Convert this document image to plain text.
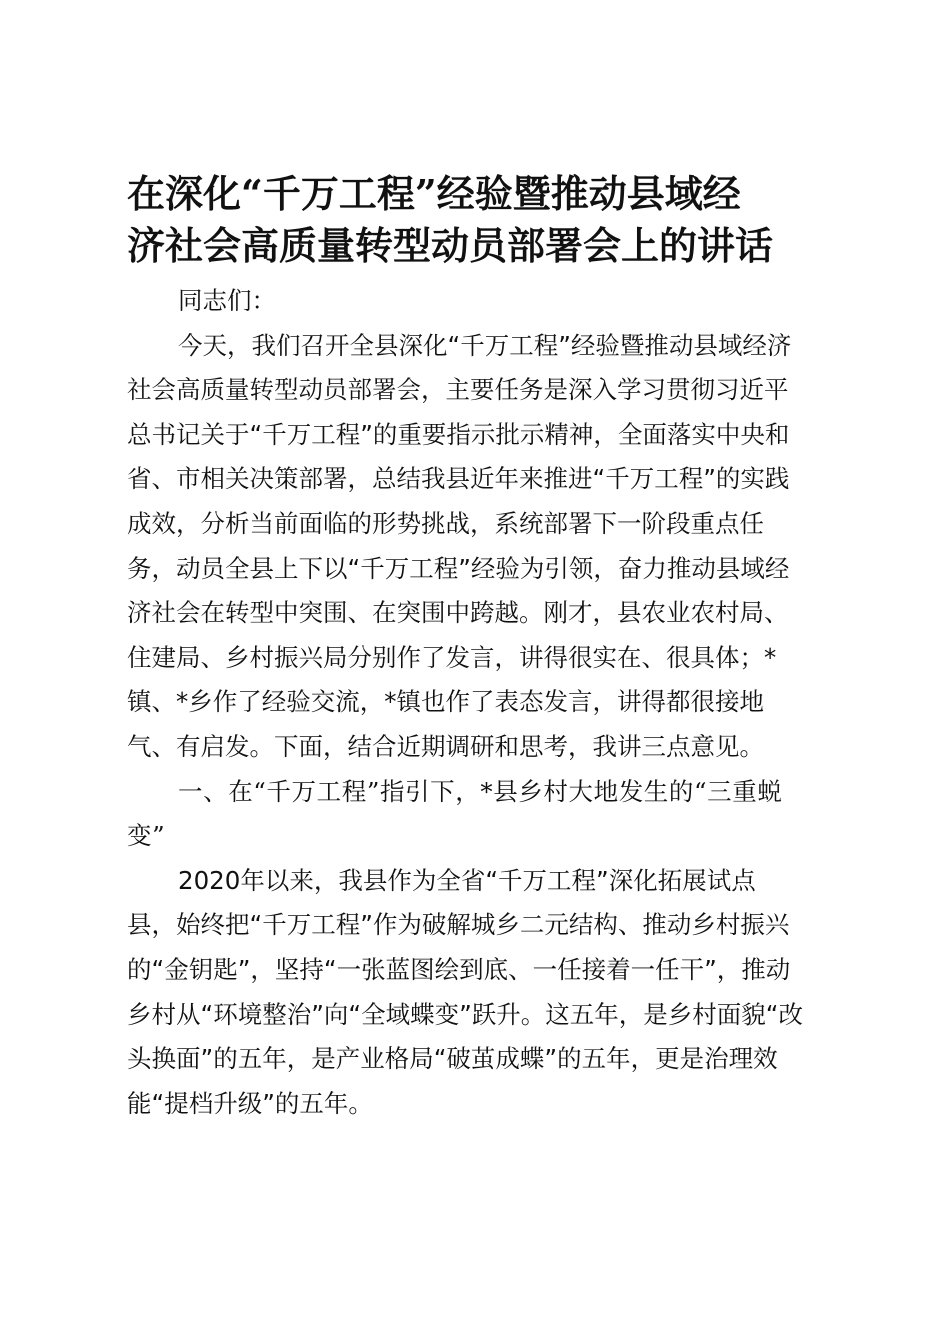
在深化“千万工程”经验暨推动县域经
济社会高质量转型动员部署会上的讲话
同志们：
今天，我们召开全县深化“千万工程”经验暨推动县域经济
社会高质量转型动员部署会，主要任务是深入学习贯彻习近平
总书记关于“千万工程”的重要指示批示精神，全面落实中央和
省、市相关决策部署，总结我县近年来推进“千万工程”的实践
成效，分析当前面临的形势挑战，系统部署下一阶段重点任
务，动员全县上下以“千万工程”经验为引领，奋力推动县域经
济社会在转型中突围、在突围中跨越。刚才，县农业农村局、
住建局、乡村振兴局分别作了发言，讲得很实在、很具体；*
镇、*乡作了经验交流，*镇也作了表态发言，讲得都很接地
气、有启发。下面，结合近期调研和思考，我讲三点意见。
一、在“千万工程”指引下，*县乡村大地发生的“三重蜕
变”
2020年以来，我县作为全省“千万工程”深化拓展试点
县，始终把“千万工程”作为破解城乡二元结构、推动乡村振兴
的“金钥匙”，坚持“一张蓝图绘到底、一任接着一任干”，推动
乡村从“环境整治”向“全域蝶变”跃升。这五年，是乡村面貌“改
头换面”的五年，是产业格局“破茧成蝶”的五年，更是治理效
能“提档升级”的五年。
